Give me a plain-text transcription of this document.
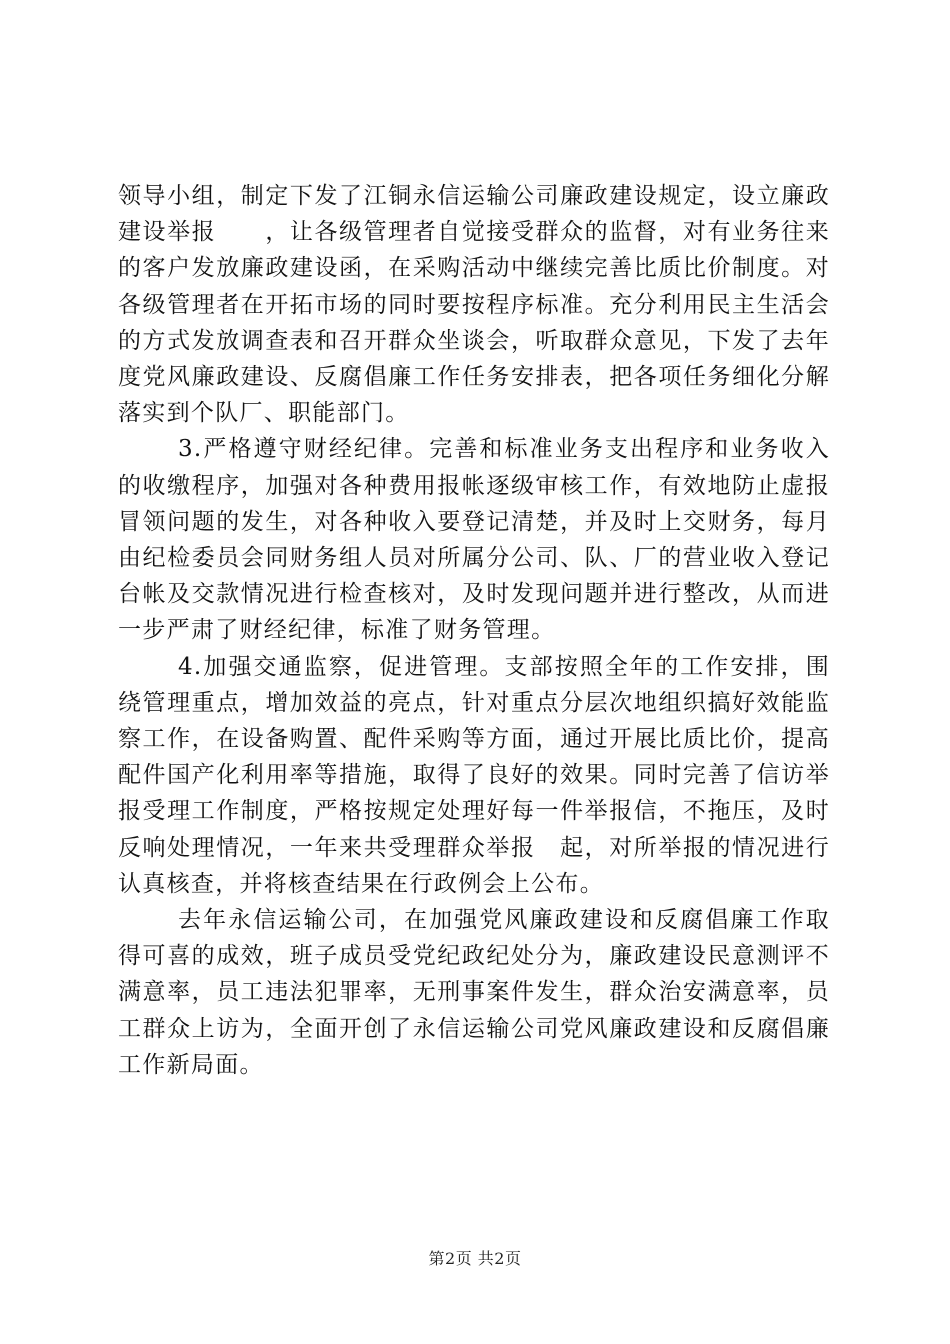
领导小组，制定下发了江铜永信运输公司廉政建设规定，设立廉政建设举报　　，让各级管理者自觉接受群众的监督，对有业务往来的客户发放廉政建设函，在采购活动中继续完善比质比价制度。对各级管理者在开拓市场的同时要按程序标准。充分利用民主生活会的方式发放调查表和召开群众坐谈会，听取群众意见，下发了去年度党风廉政建设、反腐倡廉工作任务安排表，把各项任务细化分解落实到个队厂、职能部门。

3.严格遵守财经纪律。完善和标准业务支出程序和业务收入的收缴程序，加强对各种费用报帐逐级审核工作，有效地防止虚报冒领问题的发生，对各种收入要登记清楚，并及时上交财务，每月由纪检委员会同财务组人员对所属分公司、队、厂的营业收入登记台帐及交款情况进行检查核对，及时发现问题并进行整改，从而进一步严肃了财经纪律，标准了财务管理。

4.加强交通监察，促进管理。支部按照全年的工作安排，围绕管理重点，增加效益的亮点，针对重点分层次地组织搞好效能监察工作，在设备购置、配件采购等方面，通过开展比质比价，提高配件国产化利用率等措施，取得了良好的效果。同时完善了信访举报受理工作制度，严格按规定处理好每一件举报信，不拖压，及时反响处理情况，一年来共受理群众举报　起，对所举报的情况进行认真核查，并将核查结果在行政例会上公布。

去年永信运输公司，在加强党风廉政建设和反腐倡廉工作取得可喜的成效，班子成员受党纪政纪处分为，廉政建设民意测评不满意率，员工违法犯罪率，无刑事案件发生，群众治安满意率，员工群众上访为，全面开创了永信运输公司党风廉政建设和反腐倡廉工作新局面。

第2页 共2页
